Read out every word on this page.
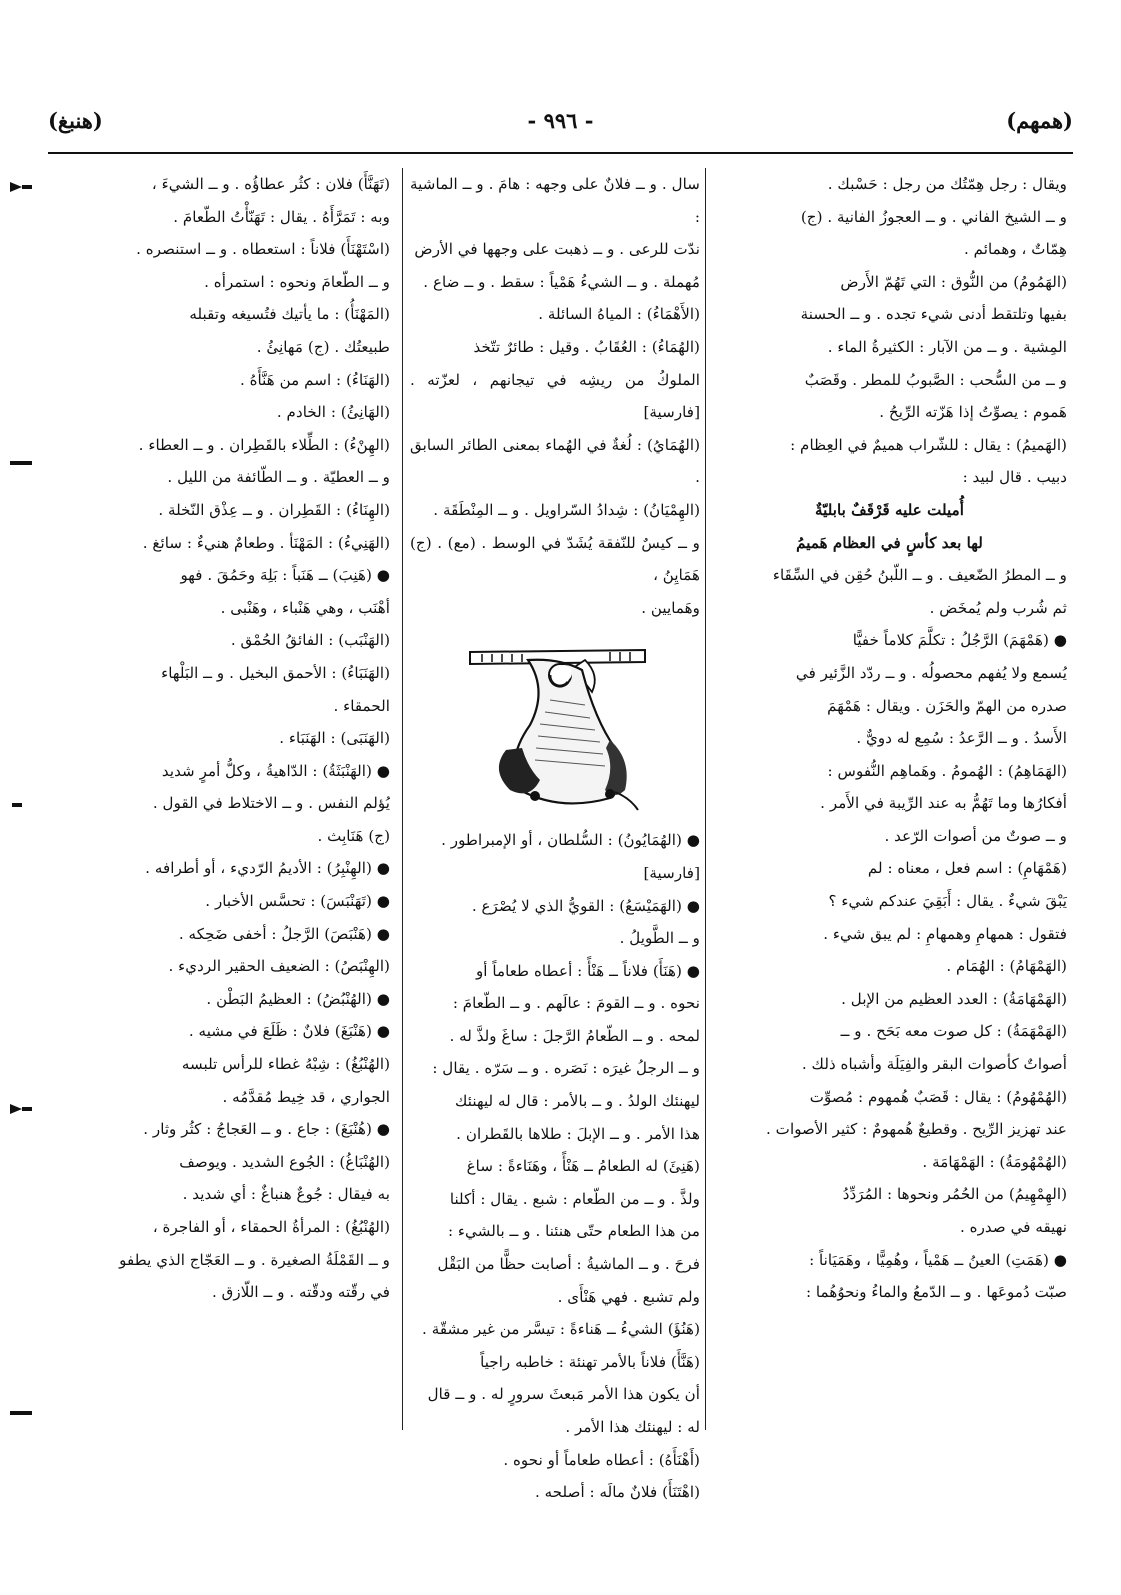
(همهم)
- ٩٩٦ -
(هنبغ)

ويقال : رجل هِمّتُك من رجل : حَسْبك .

و ــ الشيخ الفاني . و ــ العجوزُ الفانية . (ج)

هِمّاتٌ ، وهمائم .

(الهَمُومُ) من النُّوق : التي تَهُمّ الأَرض

بفيها وتلتقط أدنى شيء تجده . و ــ الحسنة

المِشية . و ــ من الآبار : الكثيرةُ الماء .

و ــ من السُّحب : الصَّبوبُ للمطر . وقَصَبٌ

هَموم : يصوِّتُ إذا هَزّته الرِّيحُ .

(الهَميمُ) : يقال : للشّراب هميمٌ في العِظام :

دبيب . قال لبيد :

أُميلت عليه قَرْقَفٌ بابليّةٌ

لها بعد كأسٍ في العظام هَميمُ

و ــ المطرُ الضّعيف . و ــ اللّبنُ حُقِن في السِّقَاء

ثم شُرب ولم يُمخَض .

● (هَمْهَمَ) الرَّجُلُ : تكلَّمَ كلاماً خفيًّا

يُسمع ولا يُفهم محصولُه . و ــ ردّد الزَّئير في

صدره من الهمّ والحَزَن . ويقال : هَمْهَمَ

الأَسدُ . و ــ الرَّعدُ : سُمِع له دويٌّ .

(الهَمَاهِمُ) : الهُمومُ . وهَماهِم النُّفوس :

أفكارُها وما تَهُمُّ به عند الرِّيبة في الأَمر .

و ــ صوتٌ من أصوات الرّعد .

(هَمْهَامِ) : اسم فعل ، معناه : لم

يَبْقَ شيءٌ . يقال : أَبَقِيَ عندكم شيء ؟

فتقول : همهامِ وهمهامِ : لم يبق شيء .

(الهَمْهَامُ) : الهُمَام .

(الهَمْهَامَةُ) : العدد العظيم من الإبل .

(الهَمْهَمَةُ) : كل صوت معه بَحَح . و ــ

أصواتٌ كأصوات البقر والفِيَلَة وأشباه ذلك .

(الهُمْهُومُ) : يقال : قَصَبٌ هُمهوم : مُصوِّت

عند تهزيز الرِّيح . وقطيعٌ هُمهومٌ : كثير الأصوات .

(الهُمْهُومَةُ) : الهَمْهَامَة .

(الهِمْهِيمُ) من الحُمُر ونحوها : المُرَدِّدُ

نهيقه في صدره .

● (هَمَتِ) العينُ ــ هَمْياً ، وهُمِيًّا ، وهَمَيَاناً :

صبّت دُموعَها . و ــ الدّمعُ والماءُ ونحوُهُما :

سال . و ــ فلانٌ على وجهه : هامَ . و ــ الماشية :

ندّت للرعى . و ــ ذهبت على وجهها في الأرض

مُهملة . و ــ الشيءُ هَمْياً : سقط . و ــ ضاع .

(الأَهْمَاءُ) : المياهُ السائلة .

(الهُمَاءُ) : العُقَابُ . وقيل : طائرٌ تتّخذ

الملوكُ من ريشِه في تيجانهم ، لعزّته . [فارسية]

(الهُمَايُ) : لُغةٌ في الهُماء بمعنى الطائر السابق .

(الهِمْيَانُ) : شِدادُ السّراويل . و ــ المِنْطَقَة .

و ــ كيسٌ للنّفقة يُشَدّ في الوسط . (مع) . (ج) هَمَايِنُ ،

وهَمايين .

● (الهُمَايُونُ) : السُّلطان ، أو الإمبراطور .

[فارسية]

● (الهَمَيْسَعُ) : القويُّ الذي لا يُصْرَع .

و ــ الطَّويلُ .

● (هَنَأَ) فلاناً ــ هَنْأً : أعطاه طعاماً أو

نحوه . و ــ القومَ : عالَهم . و ــ الطّعامَ :

لمحه . و ــ الطّعامُ الرَّجلَ : ساغَ ولذَّ له .

و ــ الرجلُ غيرَه : نَصَره . و ــ سَرّه . يقال :

ليهنئك الولدُ . و ــ بالأمر : قال له ليهنئك

هذا الأمر . و ــ الإبلَ : طلاها بالقَطران .

(هَنِئَ) له الطعامُ ــ هَنْأً ، وهَنَاءةً : ساغ

ولذَّ . و ــ من الطّعام : شبع . يقال : أكلنا

من هذا الطعام حتّى هنئنا . و ــ بالشيء :

فرحَ . و ــ الماشيةُ : أصابت حظًّا من البَقْل

ولم تشبع . فهي هَنْأَى .

(هَنُؤَ) الشيءُ ــ هَناءةً : تيسَّر من غير مشقّة .

(هَنَّأَ) فلاناً بالأمر تهنئة : خاطبه راجياً

أن يكون هذا الأمر مَبعثَ سرورٍ له . و ــ قال

له : ليهنئك هذا الأمر .

(أَهْنَأَهُ) : أعطاه طعاماً أو نحوه .

(اهْتَنَأَ) فلانٌ مالَه : أصلحه .

(تَهَنَّأَ) فلان : كثُر عطاؤُه . و ــ الشيءَ ،

وبه : تَمَرَّأَهُ . يقال : تَهَنّأْتُ الطّعامَ .

(اسْتَهْنَأَ) فلاناً : استعطاه . و ــ استنصره .

و ــ الطّعامَ ونحوه : استمرأه .

(المَهْنَأُ) : ما يأتيك فتُسيغه وتقبله

طبيعتُك . (ج) مَهانِئُ .

(الهَنَاءُ) : اسم من هَنَّأَهُ .

(الهَانِئُ) : الخادم .

(الهِنْءُ) : الطِّلاء بالقَطِران . و ــ العطاء .

و ــ العطيّة . و ــ الطّائفة من الليل .

(الهِنَاءُ) : القَطِران . و ــ عِذْق النّخلة .

(الهَنِيءُ) : المَهْنَأ . وطعامٌ هنيءٌ : سائغ .

● (هَنِبَ) ــ هَنَباً : بَلِهَ وحَمُقَ . فهو

أهْنَب ، وهي هَنْباء ، وهَنْبى .

(الهَنْبَب) : الفائقُ الحُمْق .

(الهَنَبَاءُ) : الأحمق البخيل . و ــ البَلْهاء

الحمقاء .

(الهَنَبَى) : الهَنَبَاء .

● (الهَنْبَثَةُ) : الدّاهيةُ ، وكلُّ أمرٍ شديد

يُؤلم النفس . و ــ الاختلاط في القول .

(ج) هَنَابِث .

● (الهِنْبِرُ) : الأديمُ الرّديء ، أو أطرافه .

● (تَهَنْبَسَ) : تحسَّس الأخبار .

● (هَنْبَصَ) الرَّجلُ : أخفى ضَحِكه .

(الهِنْبَصُ) : الضعيف الحقير الرديء .

● (الهُنْبُضُ) : العظيمُ البَطْن .

● (هَنْبَغَ) فلانٌ : ظَلَعَ في مشيه .

(الهُنْبُغُ) : شِبْهُ غطاء للرأس تلبسه

الجواري ، قد خِيط مُقدَّمُه .

● (هُنْبَغَ) : جاع . و ــ العَجاجُ : كثُر وثار .

(الهُنْبَاغُ) : الجُوع الشديد . ويوصف

به فيقال : جُوعٌ هنباغٌ : أي شديد .

(الهُنْبُغُ) : المرأةُ الحمقاء ، أو الفاجرة ،

و ــ القَمْلَةُ الصغيرة . و ــ العَجّاج الذي يطفو

في رقّته ودقّته . و ــ اللّازق .
